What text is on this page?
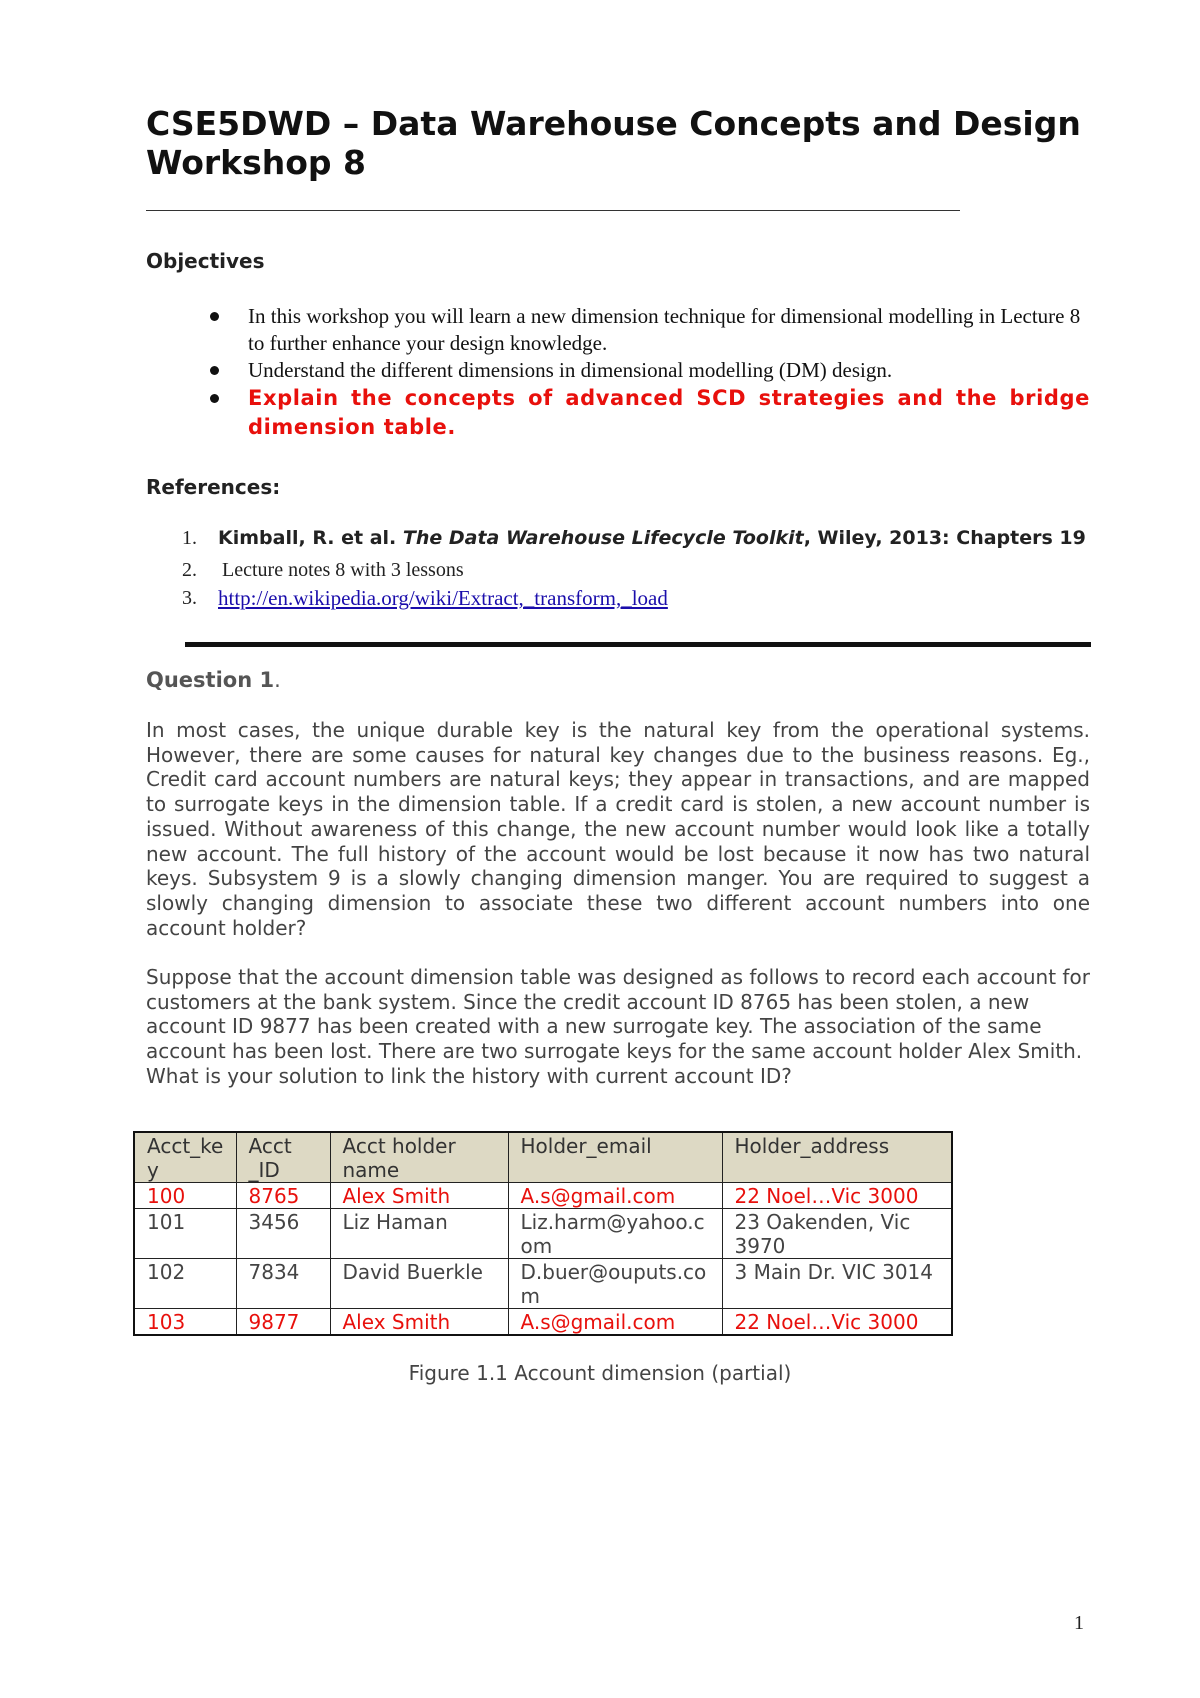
CSE5DWD – Data Warehouse Concepts and Design
Workshop 8
Objectives
In this workshop you will learn a new dimension technique for dimensional modelling in Lecture 8 to further enhance your design knowledge.
Understand the different dimensions in dimensional modelling (DM) design.
Explain the concepts of advanced SCD strategies and the bridge dimension table.
References:
1. Kimball, R. et al. The Data Warehouse Lifecycle Toolkit, Wiley, 2013: Chapters 19
2. Lecture notes 8 with 3 lessons
3. http://en.wikipedia.org/wiki/Extract,_transform,_load
Question 1.
In most cases, the unique durable key is the natural key from the operational systems. However, there are some causes for natural key changes due to the business reasons. Eg., Credit card account numbers are natural keys; they appear in transactions, and are mapped to surrogate keys in the dimension table. If a credit card is stolen, a new account number is issued. Without awareness of this change, the new account number would look like a totally new account. The full history of the account would be lost because it now has two natural keys. Subsystem 9 is a slowly changing dimension manger. You are required to suggest a slowly changing dimension to associate these two different account numbers into one account holder?
Suppose that the account dimension table was designed as follows to record each account for customers at the bank system. Since the credit account ID 8765 has been stolen, a new account ID 9877 has been created with a new surrogate key. The association of the same account has been lost. There are two surrogate keys for the same account holder Alex Smith. What is your solution to link the history with current account ID?
Acct_key	Acct _ID	Acct holder name	Holder_email	Holder_address
100	8765	Alex Smith	A.s@gmail.com	22 Noel…Vic 3000
101	3456	Liz Haman	Liz.harm@yahoo.com	23 Oakenden, Vic 3970
102	7834	David Buerkle	D.buer@ouputs.com	3 Main Dr. VIC 3014
103	9877	Alex Smith	A.s@gmail.com	22 Noel…Vic 3000
Figure 1.1 Account dimension (partial)
1
